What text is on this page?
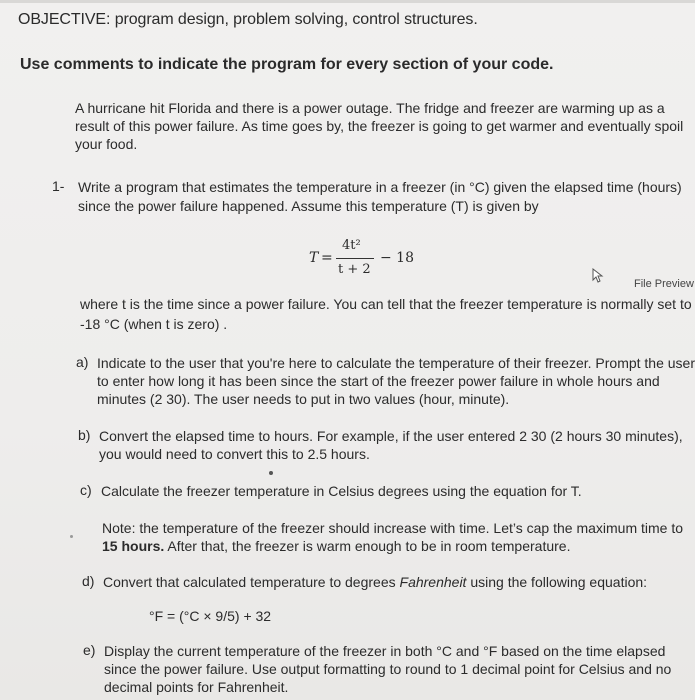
OBJECTIVE: program design, problem solving, control structures.
Use comments to indicate the program for every section of your code.
A hurricane hit Florida and there is a power outage. The fridge and freezer are warming up as a result of this power failure. As time goes by, the freezer is going to get warmer and eventually spoil your food.
1- Write a program that estimates the temperature in a freezer (in °C) given the elapsed time (hours) since the power failure happened. Assume this temperature (T) is given by
T =
4t²
t + 2
− 18
File Preview
where t is the time since a power failure. You can tell that the freezer temperature is normally set to -18 °C (when t is zero) .
a) Indicate to the user that you're here to calculate the temperature of their freezer. Prompt the user to enter how long it has been since the start of the freezer power failure in whole hours and minutes (2 30). The user needs to put in two values (hour, minute).
b) Convert the elapsed time to hours. For example, if the user entered 2 30 (2 hours 30 minutes), you would need to convert this to 2.5 hours.
c) Calculate the freezer temperature in Celsius degrees using the equation for T.
Note: the temperature of the freezer should increase with time. Let’s cap the maximum time to 15 hours. After that, the freezer is warm enough to be in room temperature.
d) Convert that calculated temperature to degrees Fahrenheit using the following equation:
°F = (°C × 9/5) + 32
e) Display the current temperature of the freezer in both °C and °F based on the time elapsed since the power failure. Use output formatting to round to 1 decimal point for Celsius and no decimal points for Fahrenheit.
